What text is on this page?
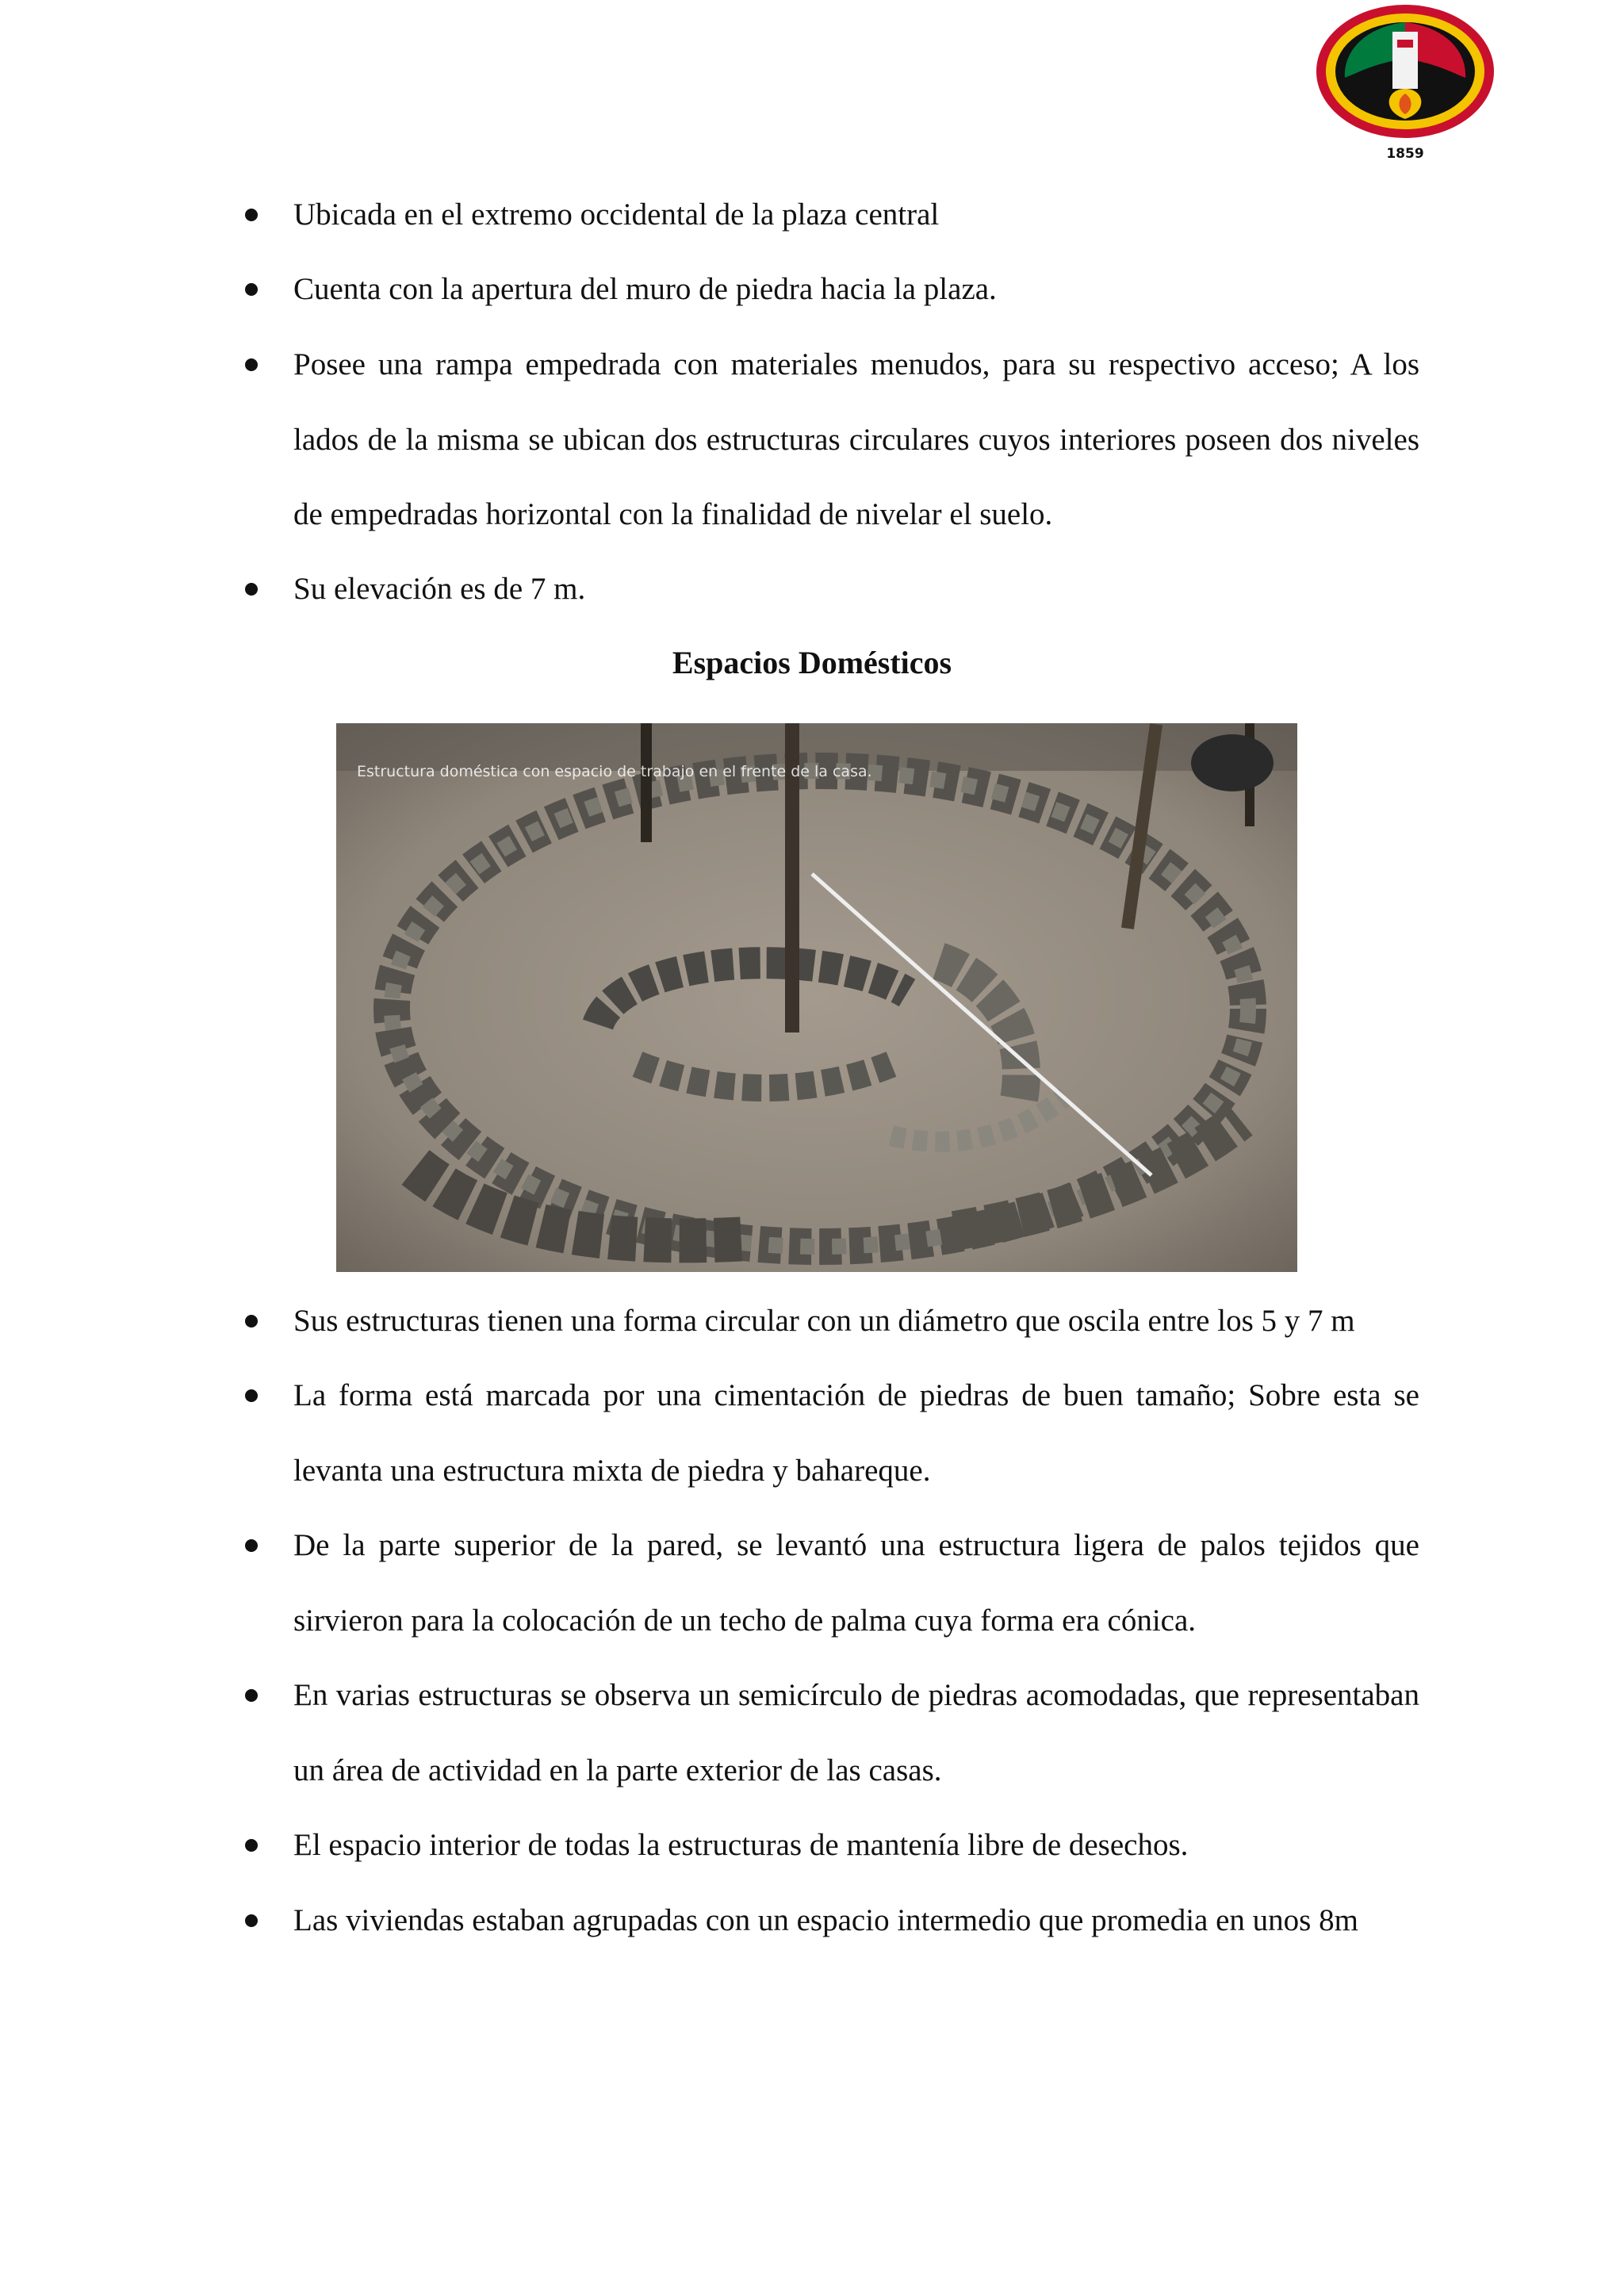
1859
Ubicada en el extremo occidental de la plaza central
Cuenta con la apertura del muro de piedra hacia la plaza.
Posee una rampa empedrada con materiales menudos, para su respectivo acceso; A los lados de la misma se ubican dos estructuras circulares cuyos interiores poseen dos niveles de empedradas horizontal con la finalidad de nivelar el suelo.
Su elevación es de 7 m.
Espacios Domésticos
Estructura doméstica con espacio de trabajo en el frente de la casa.
Sus estructuras tienen una forma circular con un diámetro que oscila entre los 5 y 7 m
La forma está marcada por una cimentación de piedras de buen tamaño; Sobre esta se levanta una estructura mixta de piedra y bahareque.
De la parte superior de la pared, se levantó una estructura ligera de palos tejidos que sirvieron para la colocación de un techo de palma cuya forma era cónica.
En varias estructuras se observa un semicírculo de piedras acomodadas, que representaban un área de actividad en la parte exterior de las casas.
El espacio interior de todas la estructuras de mantenía libre de desechos.
Las viviendas estaban agrupadas con un espacio intermedio que promedia en unos 8m
